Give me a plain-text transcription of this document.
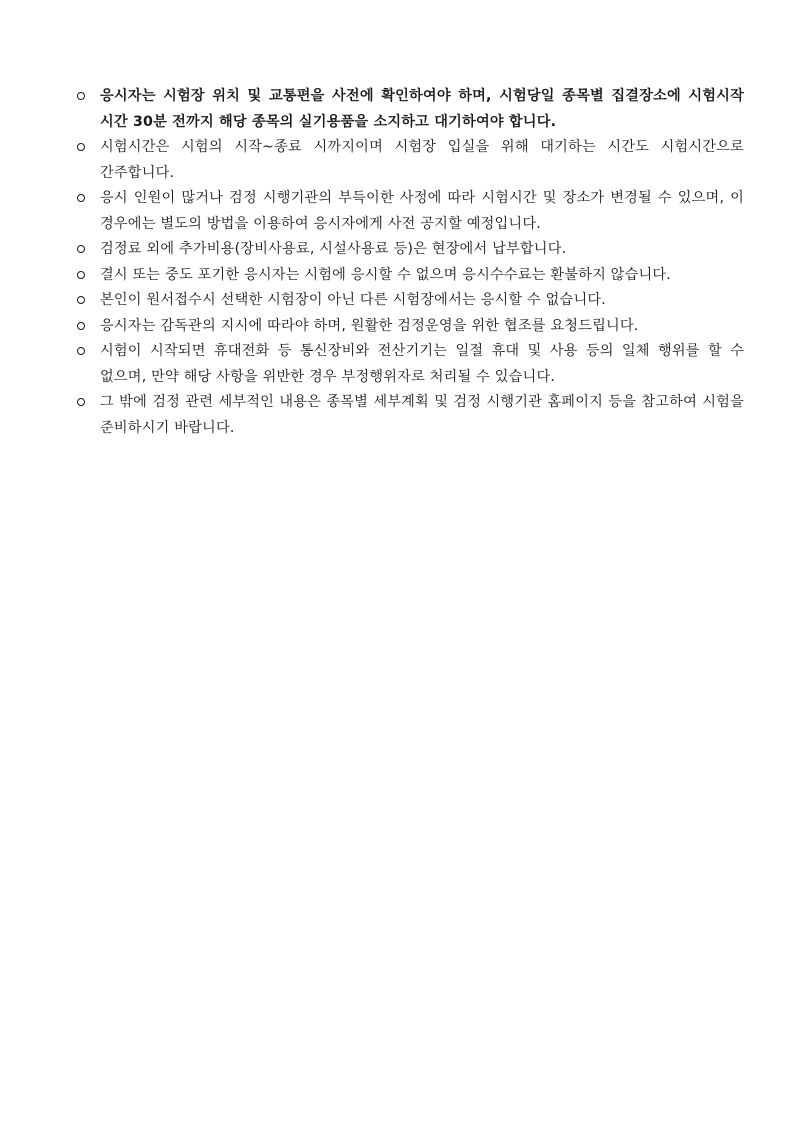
응시자는 시험장 위치 및 교통편을 사전에 확인하여야 하며, 시험당일 종목별 집결장소에 시험시작 시간 30분 전까지 해당 종목의 실기용품을 소지하고 대기하여야 합니다.
시험시간은 시험의 시작~종료 시까지이며 시험장 입실을 위해 대기하는 시간도 시험시간으로 간주합니다.
응시 인원이 많거나 검정 시행기관의 부득이한 사정에 따라 시험시간 및 장소가 변경될 수 있으며, 이 경우에는 별도의 방법을 이용하여 응시자에게 사전 공지할 예정입니다.
검정료 외에 추가비용(장비사용료, 시설사용료 등)은 현장에서 납부합니다.
결시 또는 중도 포기한 응시자는 시험에 응시할 수 없으며 응시수수료는 환불하지 않습니다.
본인이 원서접수시 선택한 시험장이 아닌 다른 시험장에서는 응시할 수 없습니다.
응시자는 감독관의 지시에 따라야 하며, 원활한 검정운영을 위한 협조를 요청드립니다.
시험이 시작되면 휴대전화 등 통신장비와 전산기기는 일절 휴대 및 사용 등의 일체 행위를 할 수 없으며, 만약 해당 사항을 위반한 경우 부정행위자로 처리될 수 있습니다.
그 밖에 검정 관련 세부적인 내용은 종목별 세부계획 및 검정 시행기관 홈페이지 등을 참고하여 시험을 준비하시기 바랍니다.
